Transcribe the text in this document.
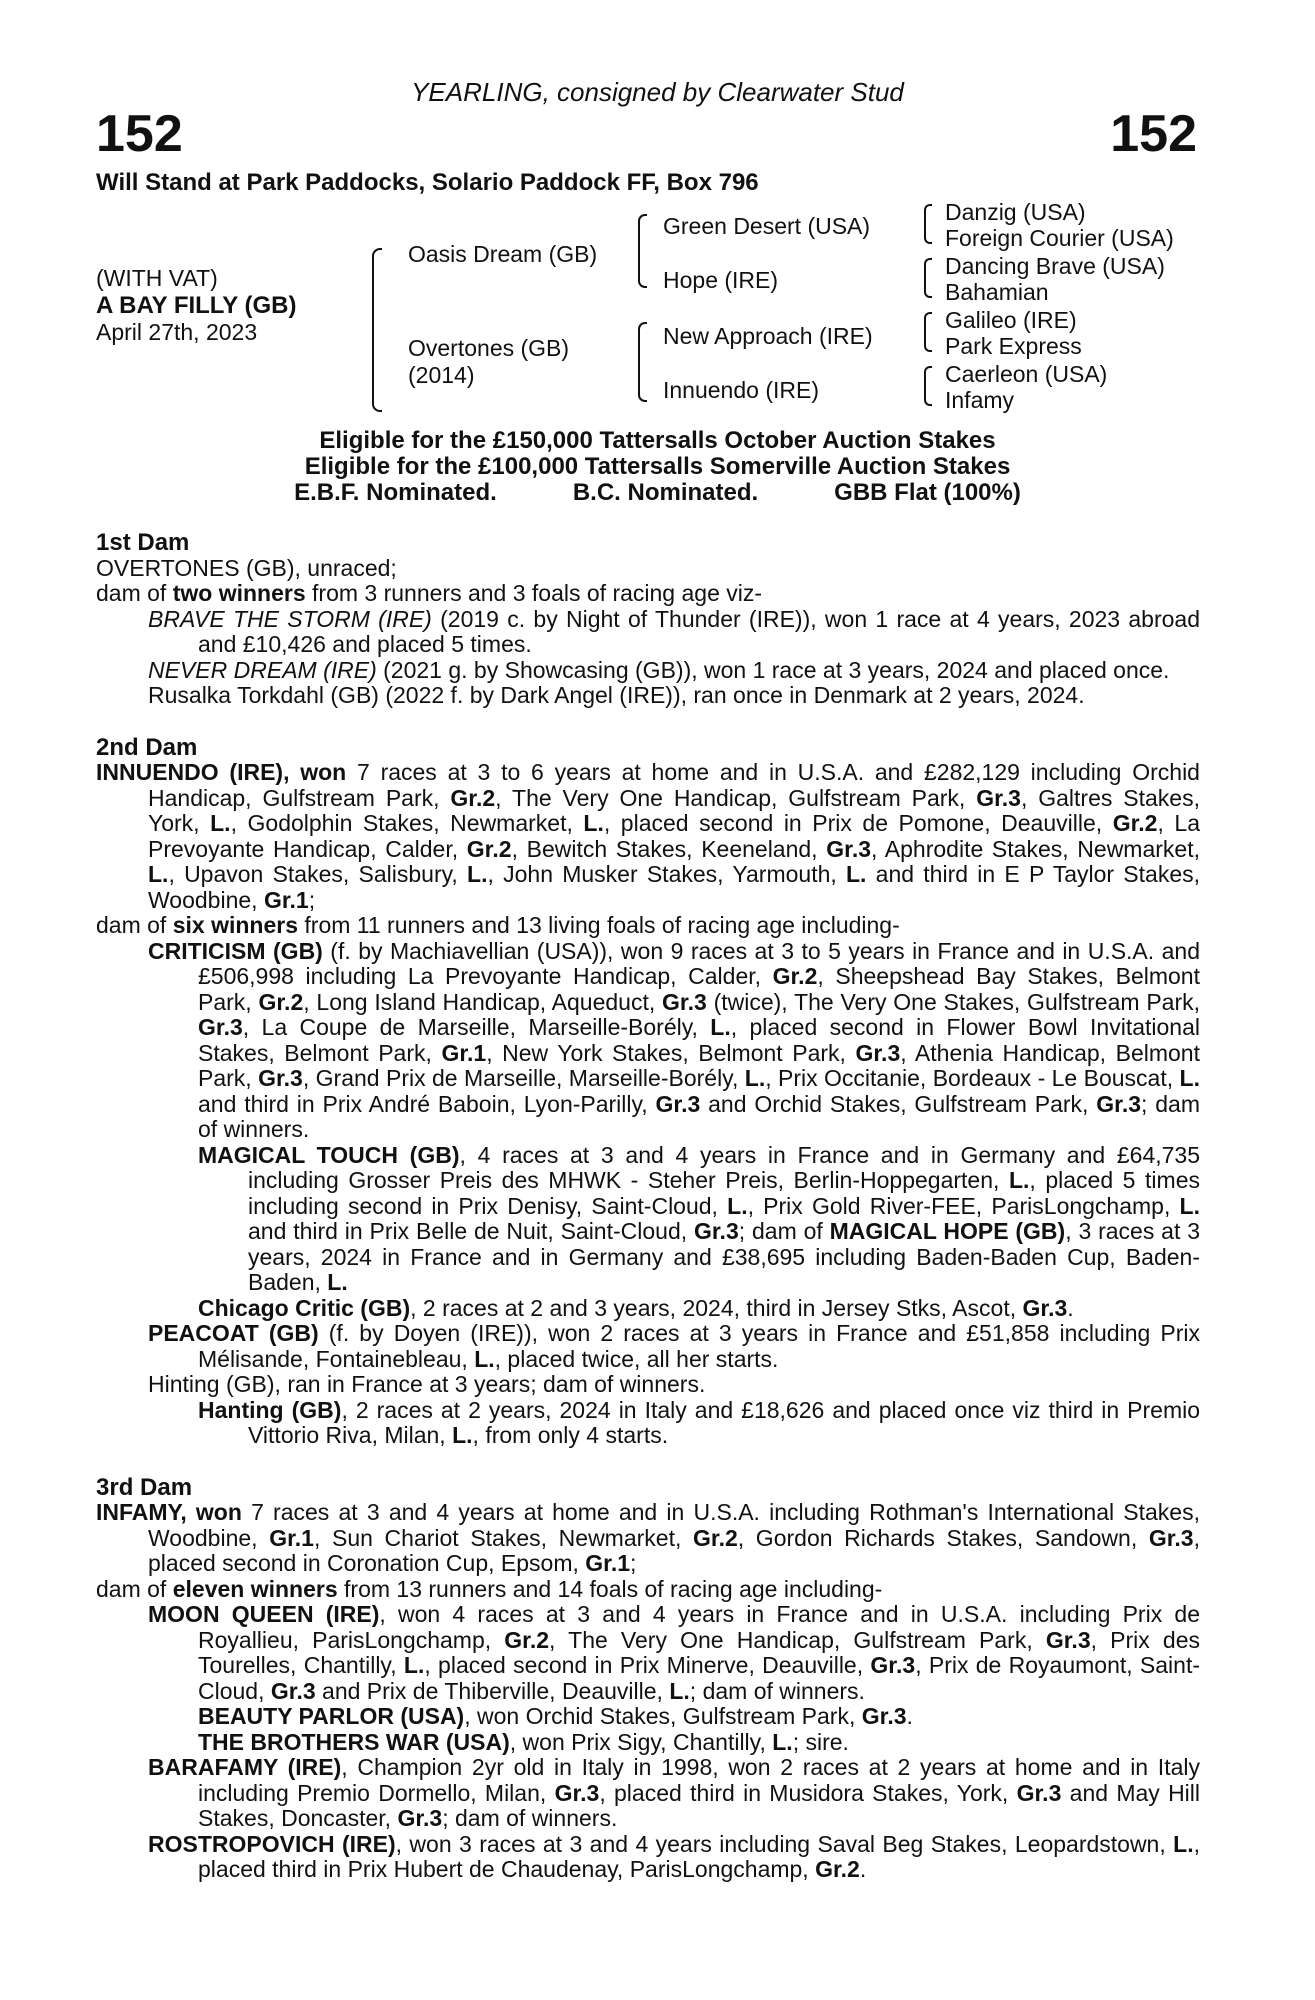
YEARLING, consigned by Clearwater Stud
152	152
Will Stand at Park Paddocks, Solario Paddock FF, Box 796
(WITH VAT)
A BAY FILLY (GB)
April 27th, 2023
Oasis Dream (GB)
Overtones (GB)
(2014)
Green Desert (USA)
Hope (IRE)
New Approach (IRE)
Innuendo (IRE)
Danzig (USA)
Foreign Courier (USA)
Dancing Brave (USA)
Bahamian
Galileo (IRE)
Park Express
Caerleon (USA)
Infamy
Eligible for the £150,000 Tattersalls October Auction Stakes
Eligible for the £100,000 Tattersalls Somerville Auction Stakes
E.B.F. Nominated.	B.C. Nominated.	GBB Flat (100%)
1st Dam
OVERTONES (GB), unraced;
dam of two winners from 3 runners and 3 foals of racing age viz-
BRAVE THE STORM (IRE) (2019 c. by Night of Thunder (IRE)), won 1 race at 4 years, 2023 abroad and £10,426 and placed 5 times.
NEVER DREAM (IRE) (2021 g. by Showcasing (GB)), won 1 race at 3 years, 2024 and placed once.
Rusalka Torkdahl (GB) (2022 f. by Dark Angel (IRE)), ran once in Denmark at 2 years, 2024.
2nd Dam
INNUENDO (IRE), won 7 races at 3 to 6 years at home and in U.S.A. and £282,129 including Orchid Handicap, Gulfstream Park, Gr.2, The Very One Handicap, Gulfstream Park, Gr.3, Galtres Stakes, York, L., Godolphin Stakes, Newmarket, L., placed second in Prix de Pomone, Deauville, Gr.2, La Prevoyante Handicap, Calder, Gr.2, Bewitch Stakes, Keeneland, Gr.3, Aphrodite Stakes, Newmarket, L., Upavon Stakes, Salisbury, L., John Musker Stakes, Yarmouth, L. and third in E P Taylor Stakes, Woodbine, Gr.1;
dam of six winners from 11 runners and 13 living foals of racing age including-
CRITICISM (GB) (f. by Machiavellian (USA)), won 9 races at 3 to 5 years in France and in U.S.A. and £506,998 including La Prevoyante Handicap, Calder, Gr.2, Sheepshead Bay Stakes, Belmont Park, Gr.2, Long Island Handicap, Aqueduct, Gr.3 (twice), The Very One Stakes, Gulfstream Park, Gr.3, La Coupe de Marseille, Marseille-Borély, L., placed second in Flower Bowl Invitational Stakes, Belmont Park, Gr.1, New York Stakes, Belmont Park, Gr.3, Athenia Handicap, Belmont Park, Gr.3, Grand Prix de Marseille, Marseille-Borély, L., Prix Occitanie, Bordeaux - Le Bouscat, L. and third in Prix André Baboin, Lyon-Parilly, Gr.3 and Orchid Stakes, Gulfstream Park, Gr.3; dam of winners.
MAGICAL TOUCH (GB), 4 races at 3 and 4 years in France and in Germany and £64,735 including Grosser Preis des MHWK - Steher Preis, Berlin-Hoppegarten, L., placed 5 times including second in Prix Denisy, Saint-Cloud, L., Prix Gold River-FEE, ParisLongchamp, L. and third in Prix Belle de Nuit, Saint-Cloud, Gr.3; dam of MAGICAL HOPE (GB), 3 races at 3 years, 2024 in France and in Germany and £38,695 including Baden-Baden Cup, Baden-Baden, L.
Chicago Critic (GB), 2 races at 2 and 3 years, 2024, third in Jersey Stks, Ascot, Gr.3.
PEACOAT (GB) (f. by Doyen (IRE)), won 2 races at 3 years in France and £51,858 including Prix Mélisande, Fontainebleau, L., placed twice, all her starts.
Hinting (GB), ran in France at 3 years; dam of winners.
Hanting (GB), 2 races at 2 years, 2024 in Italy and £18,626 and placed once viz third in Premio Vittorio Riva, Milan, L., from only 4 starts.
3rd Dam
INFAMY, won 7 races at 3 and 4 years at home and in U.S.A. including Rothman's International Stakes, Woodbine, Gr.1, Sun Chariot Stakes, Newmarket, Gr.2, Gordon Richards Stakes, Sandown, Gr.3, placed second in Coronation Cup, Epsom, Gr.1;
dam of eleven winners from 13 runners and 14 foals of racing age including-
MOON QUEEN (IRE), won 4 races at 3 and 4 years in France and in U.S.A. including Prix de Royallieu, ParisLongchamp, Gr.2, The Very One Handicap, Gulfstream Park, Gr.3, Prix des Tourelles, Chantilly, L., placed second in Prix Minerve, Deauville, Gr.3, Prix de Royaumont, Saint-Cloud, Gr.3 and Prix de Thiberville, Deauville, L.; dam of winners.
BEAUTY PARLOR (USA), won Orchid Stakes, Gulfstream Park, Gr.3.
THE BROTHERS WAR (USA), won Prix Sigy, Chantilly, L.; sire.
BARAFAMY (IRE), Champion 2yr old in Italy in 1998, won 2 races at 2 years at home and in Italy including Premio Dormello, Milan, Gr.3, placed third in Musidora Stakes, York, Gr.3 and May Hill Stakes, Doncaster, Gr.3; dam of winners.
ROSTROPOVICH (IRE), won 3 races at 3 and 4 years including Saval Beg Stakes, Leopardstown, L., placed third in Prix Hubert de Chaudenay, ParisLongchamp, Gr.2.
